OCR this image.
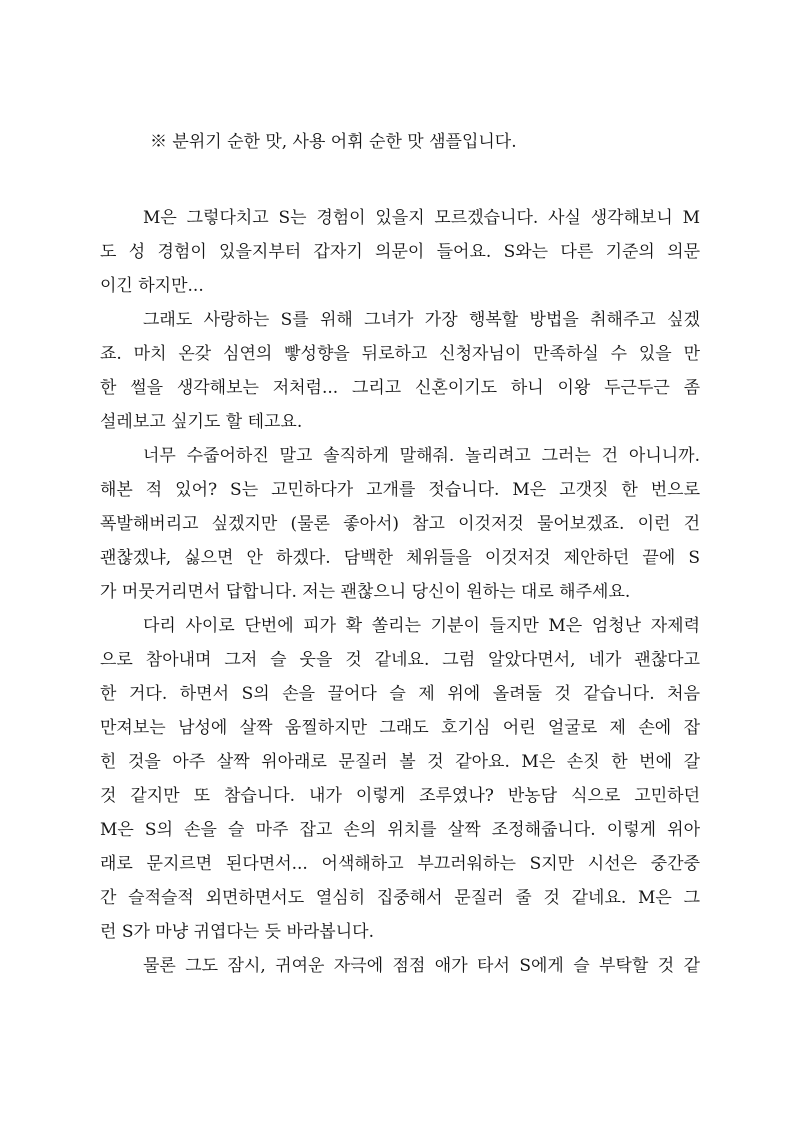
※ 분위기 순한 맛, 사용 어휘 순한 맛 샘플입니다.
M은 그렇다치고 S는 경험이 있을지 모르겠습니다. 사실 생각해보니 M
도 성 경험이 있을지부터 갑자기 의문이 들어요. S와는 다른 기준의 의문
이긴 하지만...
그래도 사랑하는 S를 위해 그녀가 가장 행복할 방법을 취해주고 싶겠
죠. 마치 온갖 심연의 빻성향을 뒤로하고 신청자님이 만족하실 수 있을 만
한 썰을 생각해보는 저처럼... 그리고 신혼이기도 하니 이왕 두근두근 좀
설레보고 싶기도 할 테고요.
너무 수줍어하진 말고 솔직하게 말해줘. 놀리려고 그러는 건 아니니까.
해본 적 있어? S는 고민하다가 고개를 젓습니다. M은 고갯짓 한 번으로
폭발해버리고 싶겠지만 (물론 좋아서) 참고 이것저것 물어보겠죠. 이런 건
괜찮겠냐, 싫으면 안 하겠다. 담백한 체위들을 이것저것 제안하던 끝에 S
가 머뭇거리면서 답합니다. 저는 괜찮으니 당신이 원하는 대로 해주세요.
다리 사이로 단번에 피가 확 쏠리는 기분이 들지만 M은 엄청난 자제력
으로 참아내며 그저 슬 웃을 것 같네요. 그럼 알았다면서, 네가 괜찮다고
한 거다. 하면서 S의 손을 끌어다 슬 제 위에 올려둘 것 같습니다. 처음
만져보는 남성에 살짝 움찔하지만 그래도 호기심 어린 얼굴로 제 손에 잡
힌 것을 아주 살짝 위아래로 문질러 볼 것 같아요. M은 손짓 한 번에 갈
것 같지만 또 참습니다. 내가 이렇게 조루였나? 반농담 식으로 고민하던
M은 S의 손을 슬 마주 잡고 손의 위치를 살짝 조정해줍니다. 이렇게 위아
래로 문지르면 된다면서... 어색해하고 부끄러워하는 S지만 시선은 중간중
간 슬적슬적 외면하면서도 열심히 집중해서 문질러 줄 것 같네요. M은 그
런 S가 마냥 귀엽다는 듯 바라봅니다.
물론 그도 잠시, 귀여운 자극에 점점 애가 타서 S에게 슬 부탁할 것 같
